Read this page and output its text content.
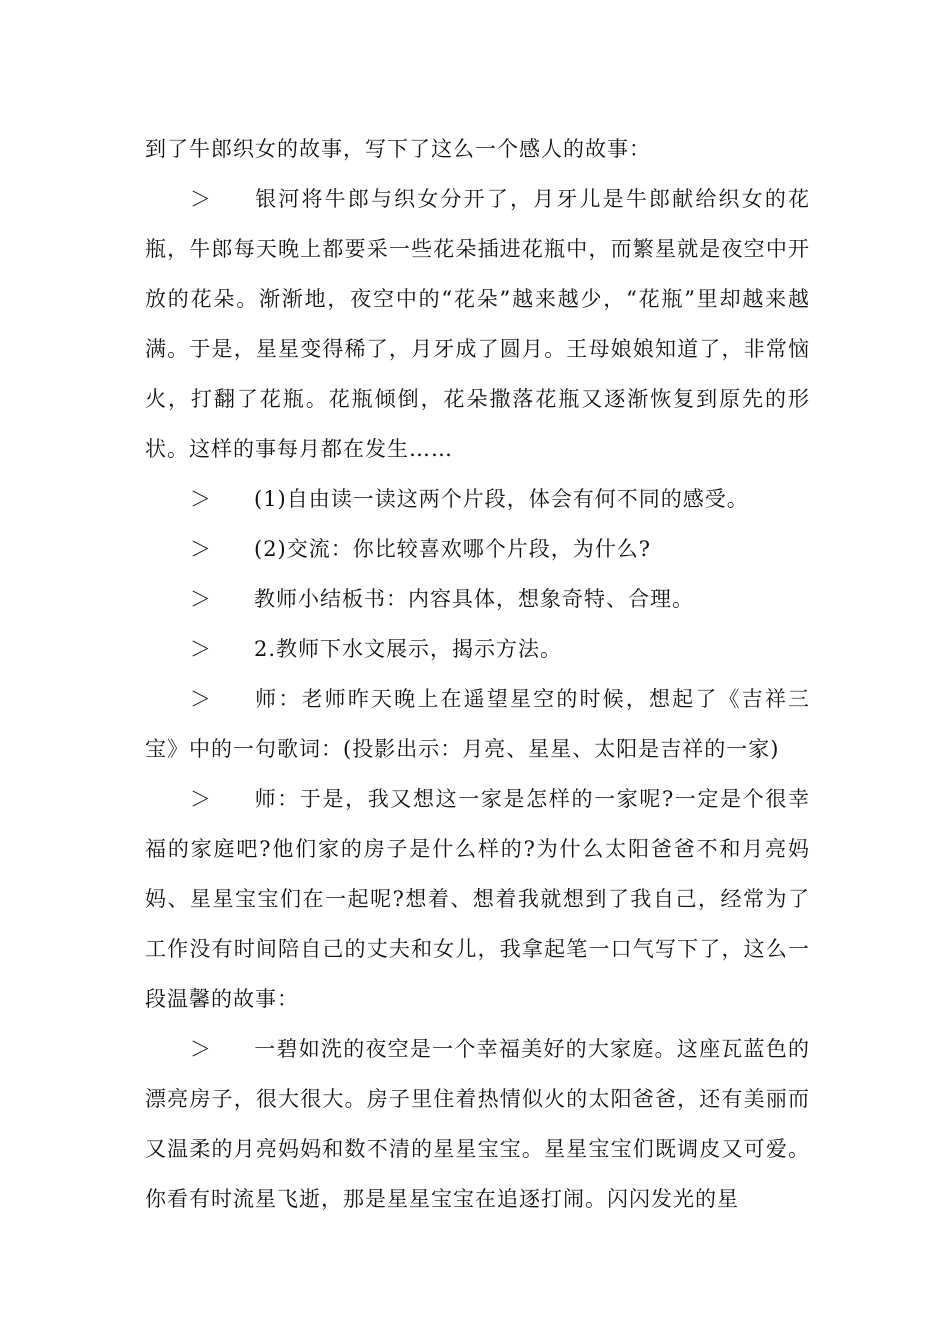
到了牛郎织女的故事，写下了这么一个感人的故事：

＞ 银河将牛郎与织女分开了，月牙儿是牛郎献给织女的花瓶，牛郎每天晚上都要采一些花朵插进花瓶中，而繁星就是夜空中开放的花朵。渐渐地，夜空中的“花朵”越来越少，“花瓶”里却越来越满。于是，星星变得稀了，月牙成了圆月。王母娘娘知道了，非常恼火，打翻了花瓶。花瓶倾倒，花朵撒落花瓶又逐渐恢复到原先的形状。这样的事每月都在发生……

＞ (1)自由读一读这两个片段，体会有何不同的感受。

＞ (2)交流：你比较喜欢哪个片段，为什么?

＞ 教师小结板书：内容具体，想象奇特、合理。

＞ 2.教师下水文展示，揭示方法。

＞ 师：老师昨天晚上在遥望星空的时候，想起了《吉祥三宝》中的一句歌词：(投影出示：月亮、星星、太阳是吉祥的一家)

＞ 师：于是，我又想这一家是怎样的一家呢?一定是个很幸福的家庭吧?他们家的房子是什么样的?为什么太阳爸爸不和月亮妈妈、星星宝宝们在一起呢?想着、想着我就想到了我自己，经常为了工作没有时间陪自己的丈夫和女儿，我拿起笔一口气写下了，这么一段温馨的故事：

＞ 一碧如洗的夜空是一个幸福美好的大家庭。这座瓦蓝色的漂亮房子，很大很大。房子里住着热情似火的太阳爸爸，还有美丽而又温柔的月亮妈妈和数不清的星星宝宝。星星宝宝们既调皮又可爱。你看有时流星飞逝，那是星星宝宝在追逐打闹。闪闪发光的星
